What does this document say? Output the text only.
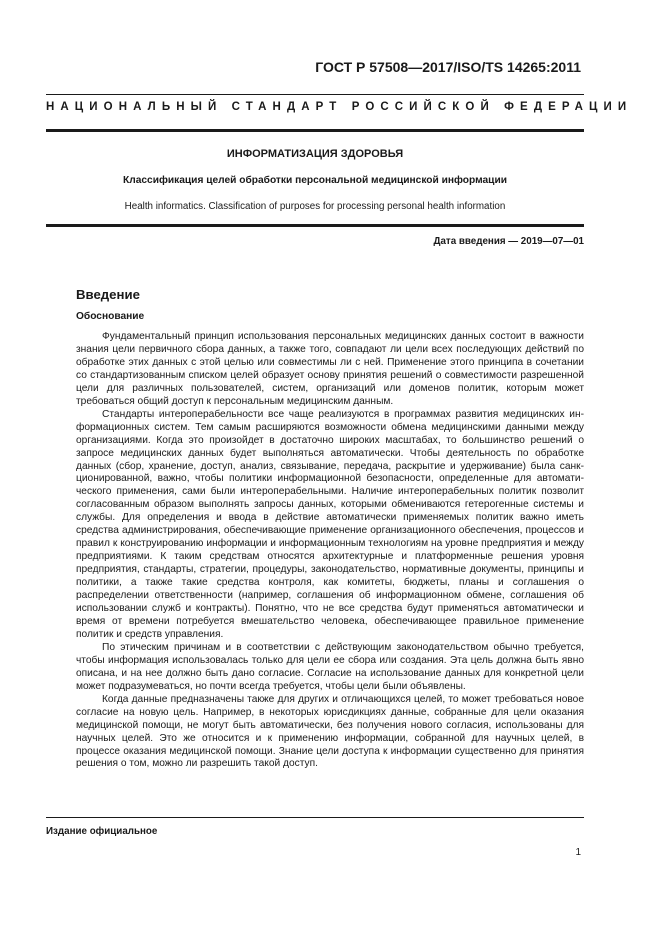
ГОСТ Р 57508—2017/ISO/TS 14265:2011
НАЦИОНАЛЬНЫЙ СТАНДАРТ РОССИЙСКОЙ ФЕДЕРАЦИИ
ИНФОРМАТИЗАЦИЯ ЗДОРОВЬЯ
Классификация целей обработки персональной медицинской информации
Health informatics. Classification of purposes for processing personal health information
Дата введения — 2019—07—01
Введение
Обоснование

Фундаментальный принцип использования персональных медицинских данных состоит в важности знания цели первичного сбора данных, а также того, совпадают ли цели всех последующих действий по обработке этих данных с этой целью или совместимы ли с ней. Применение этого принципа в сочетании со стандартизованным списком целей образует основу принятия решений о совместимости разрешенной цели для различных пользователей, систем, организаций или доменов политик, которым может требоваться общий доступ к персональным медицинским данным.

Стандарты интероперабельности все чаще реализуются в программах развития медицинских информационных систем. Тем самым расширяются возможности обмена медицинскими данными между организациями. Когда это произойдет в достаточно широких масштабах, то большинство решений о запросе медицинских данных будет выполняться автоматически. Чтобы деятельность по обработке данных (сбор, хранение, доступ, анализ, связывание, передача, раскрытие и удерживание) была санкционированной, важно, чтобы политики информационной безопасности, определенные для автоматического применения, сами были интероперабельными. Наличие интероперабельных политик позволит согласованным образом выполнять запросы данных, которыми обмениваются гетерогенные системы и службы. Для определения и ввода в действие автоматически применяемых политик важно иметь средства администрирования, обеспечивающие применение организационного обеспечения, процессов и правил к конструированию информации и информационным технологиям на уровне предприятия и между предприятиями. К таким средствам относятся архитектурные и платформенные решения уровня предприятия, стандарты, стратегии, процедуры, законодательство, нормативные документы, принципы и политики, а также такие средства контроля, как комитеты, бюджеты, планы и соглашения о распределении ответственности (например, соглашения об информационном обмене, соглашения об использовании служб и контракты). Понятно, что не все средства будут применяться автоматически и время от времени потребуется вмешательство человека, обеспечивающее правильное применение политик и средств управления.

По этическим причинам и в соответствии с действующим законодательством обычно требуется, чтобы информация использовалась только для цели ее сбора или создания. Эта цель должна быть явно описана, и на нее должно быть дано согласие. Согласие на использование данных для конкретной цели может подразумеваться, но почти всегда требуется, чтобы цели были объявлены.

Когда данные предназначены также для других и отличающихся целей, то может требоваться новое согласие на новую цель. Например, в некоторых юрисдикциях данные, собранные для цели оказания медицинской помощи, не могут быть автоматически, без получения нового согласия, использованы для научных целей. Это же относится и к применению информации, собранной для научных целей, в процессе оказания медицинской помощи. Знание цели доступа к информации существенно для принятия решения о том, можно ли разрешить такой доступ.

Издание официальное
1
